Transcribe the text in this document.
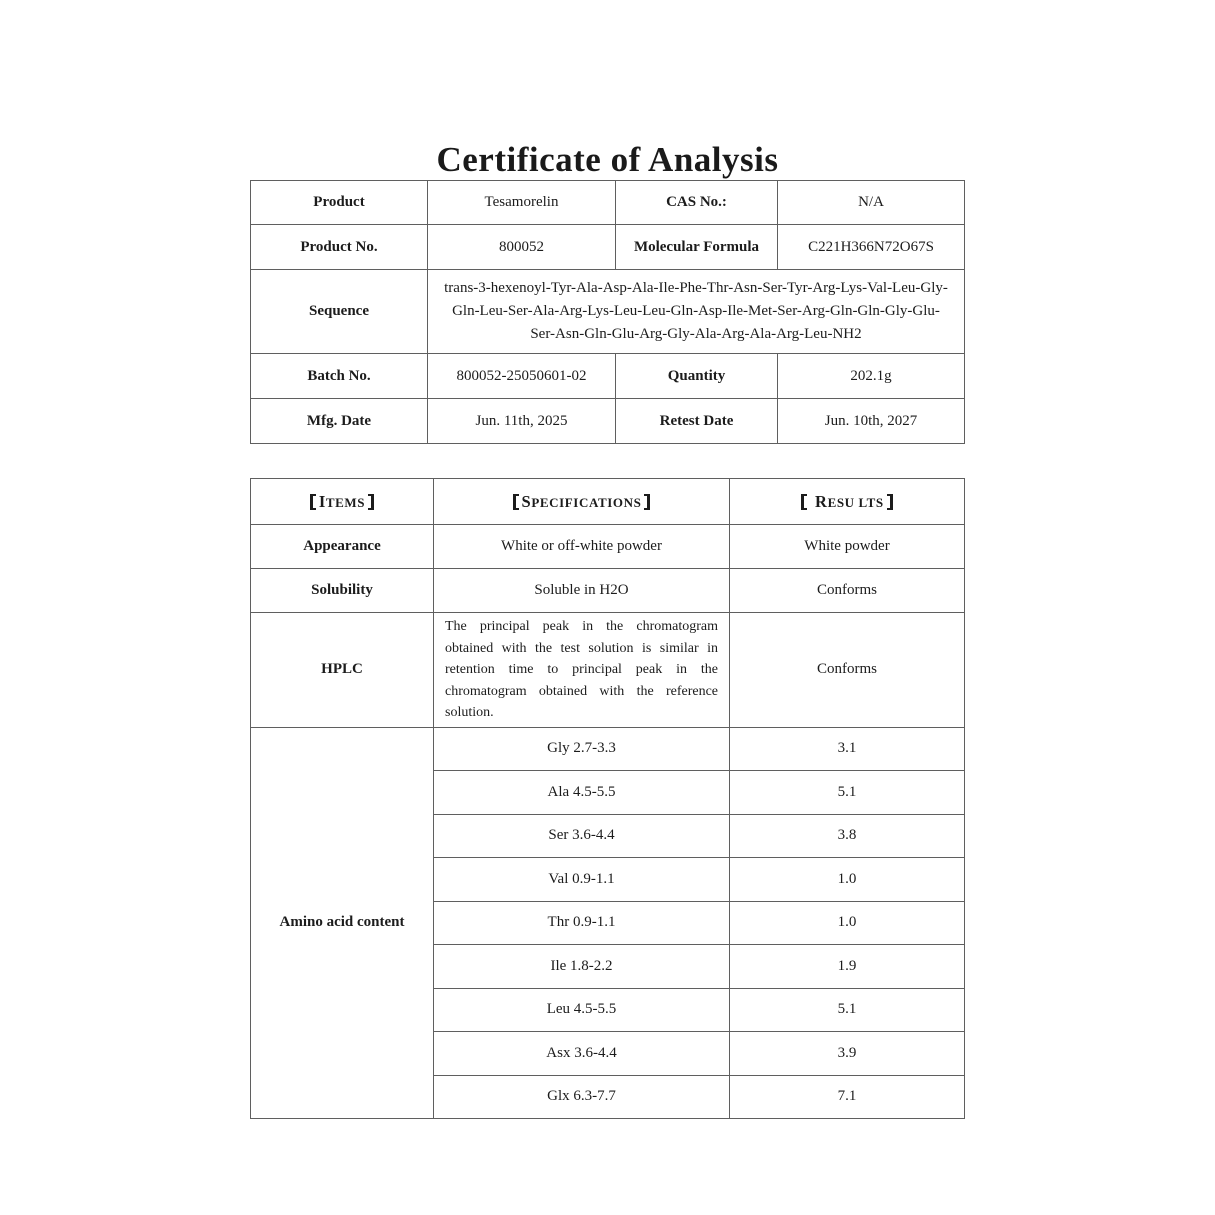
Certificate of Analysis
Product	Tesamorelin	CAS No.:	N/A
Product No.	800052	Molecular Formula	C221H366N72O67S
Sequence	trans-3-hexenoyl-Tyr-Ala-Asp-Ala-Ile-Phe-Thr-Asn-Ser-Tyr-Arg-Lys-Val-Leu-Gly-Gln-Leu-Ser-Ala-Arg-Lys-Leu-Leu-Gln-Asp-Ile-Met-Ser-Arg-Gln-Gln-Gly-Glu-Ser-Asn-Gln-Glu-Arg-Gly-Ala-Arg-Ala-Arg-Leu-NH2		
Batch No.	800052-25050601-02	Quantity	202.1g
Mfg. Date	Jun. 11th, 2025	Retest Date	Jun. 10th, 2027
ITEMS	SPECIFICATIONS	RESU LTS
Appearance	White or off-white powder	White powder
Solubility	Soluble in H2O	Conforms
HPLC	The principal peak in the chromatogram obtained with the test solution is similar in retention time to principal peak in the chromatogram obtained with the reference solution.	Conforms
Amino acid content	Gly 2.7-3.3	3.1
	Ala 4.5-5.5	5.1
	Ser 3.6-4.4	3.8
	Val 0.9-1.1	1.0
	Thr 0.9-1.1	1.0
	Ile 1.8-2.2	1.9
	Leu 4.5-5.5	5.1
	Asx 3.6-4.4	3.9
	Glx 6.3-7.7	7.1
